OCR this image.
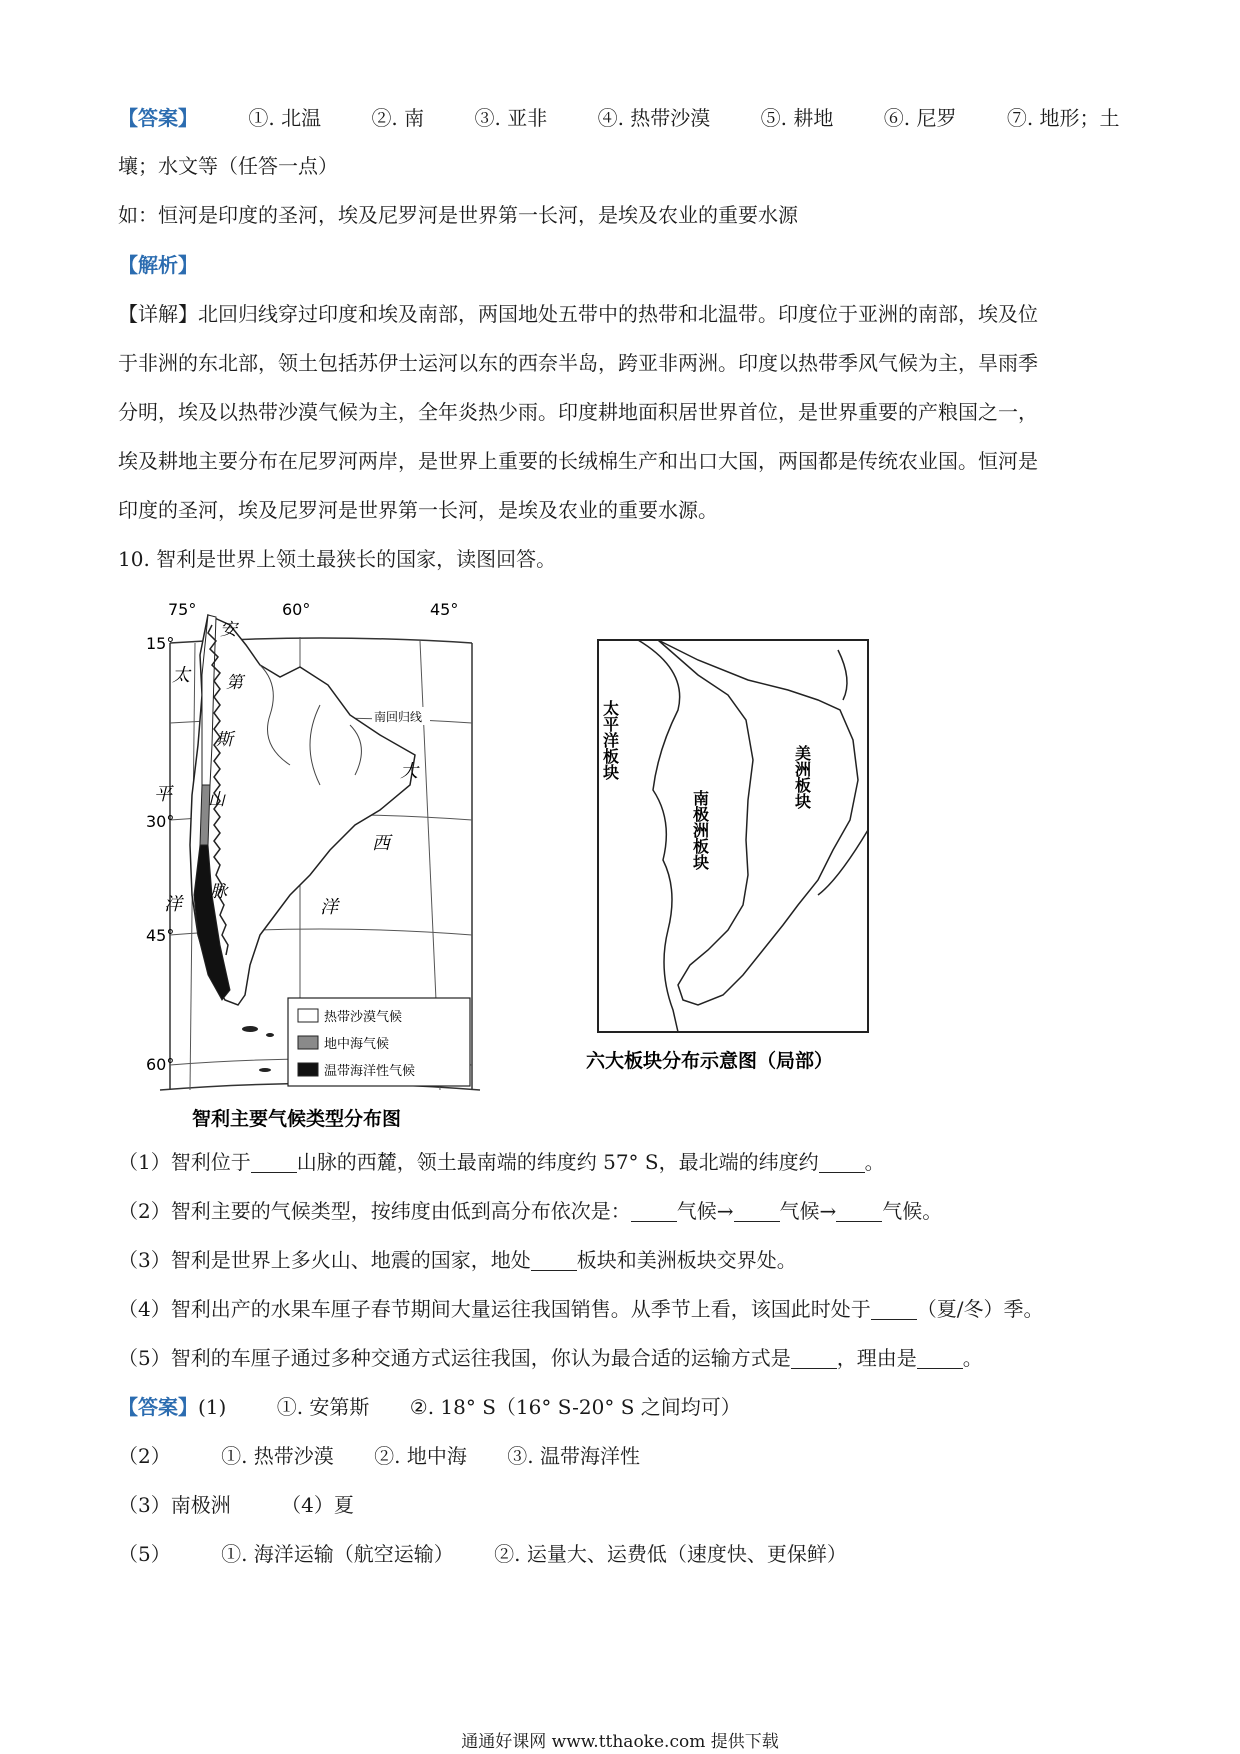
【答案】	①. 北温	②. 南	③. 亚非	④. 热带沙漠	⑤. 耕地	⑥. 尼罗	⑦. 地形；土
壤；水文等（任答一点）
如：恒河是印度的圣河，埃及尼罗河是世界第一长河，是埃及农业的重要水源
【解析】
【详解】北回归线穿过印度和埃及南部，两国地处五带中的热带和北温带。印度位于亚洲的南部，埃及位
于非洲的东北部，领土包括苏伊士运河以东的西奈半岛，跨亚非两洲。印度以热带季风气候为主，旱雨季
分明，埃及以热带沙漠气候为主，全年炎热少雨。印度耕地面积居世界首位，是世界重要的产粮国之一，
埃及耕地主要分布在尼罗河两岸，是世界上重要的长绒棉生产和出口大国，两国都是传统农业国。恒河是
印度的圣河，埃及尼罗河是世界第一长河，是埃及农业的重要水源。
10. 智利是世界上领土最狭长的国家，读图回答。
75°	60°	45°
15°
30°
45°
60°
南回归线
安
第
斯
山
脉
太
平
洋
大
西
洋
热带沙漠气候
地中海气候
温带海洋性气候
智利主要气候类型分布图
太平洋板块	美洲板块
南极洲板块
六大板块分布示意图（局部）
（1）智利位于 山脉的西麓，领土最南端的纬度约 57° S，最北端的纬度约 。
（2）智利主要的气候类型，按纬度由低到高分布依次是： 气候→ 气候→ 气候。
（3）智利是世界上多火山、地震的国家，地处 板块和美洲板块交界处。
（4）智利出产的水果车厘子春节期间大量运往我国销售。从季节上看，该国此时处于 （夏/冬）季。
（5）智利的车厘子通过多种交通方式运往我国，你认为最合适的运输方式是 ，理由是 。
【答案】(1)	①. 安第斯 ②. 18° S（16° S-20° S 之间均可）
（2）	①. 热带沙漠 ②. 地中海 ③. 温带海洋性
（3）南极洲	（4）夏
（5）	①. 海洋运输（航空运输） ②. 运量大、运费低（速度快、更保鲜）
通通好课网 www.tthaoke.com 提供下载
